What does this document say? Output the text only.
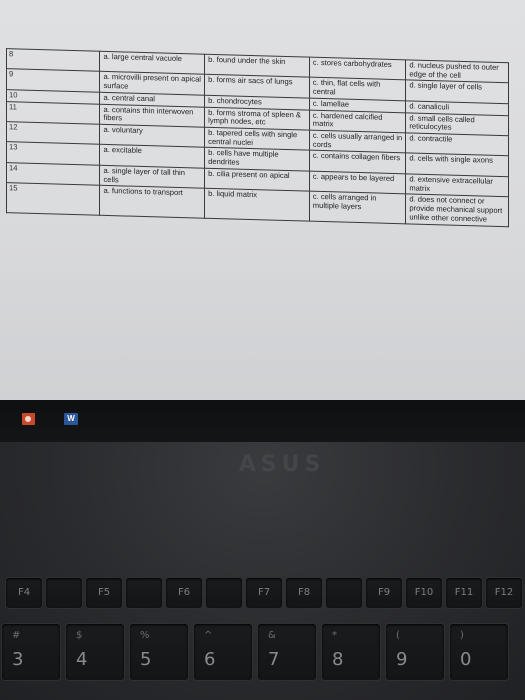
8	a. large central vacuole	b. found under the skin	c. stores carbohydrates	d. nucleus pushed to outer edge of the cell
9	a. microvilli present on apical surface	b. forms air sacs of lungs	c. thin, flat cells with central	d. single layer of cells
10	a. central canal	b. chondrocytes	c. lamellae	d. canaliculi
11	a. contains thin interwoven fibers	b. forms stroma of spleen & lymph nodes, etc	c. hardened calcified matrix	d. small cells called reticulocytes
12	a. voluntary	b. tapered cells with single central nuclei	c. cells usually arranged in cords	d. contractile
13	a. excitable	b. cells have multiple dendrites	c. contains collagen fibers	d. cells with single axons
14	a. single layer of tall thin cells	b. cilia present on apical	c. appears to be layered	d. extensive extracellular matrix
15	a. functions to transport	b. liquid matrix	c. cells arranged in multiple layers	d. does not connect or provide mechanical support unlike other connective
W
ASUS
F4	F5	F6	F7	F8	F9	F10	F11	F12
#
3
$
4
%
5
^
6
&
7
*
8
(
9
)
0
